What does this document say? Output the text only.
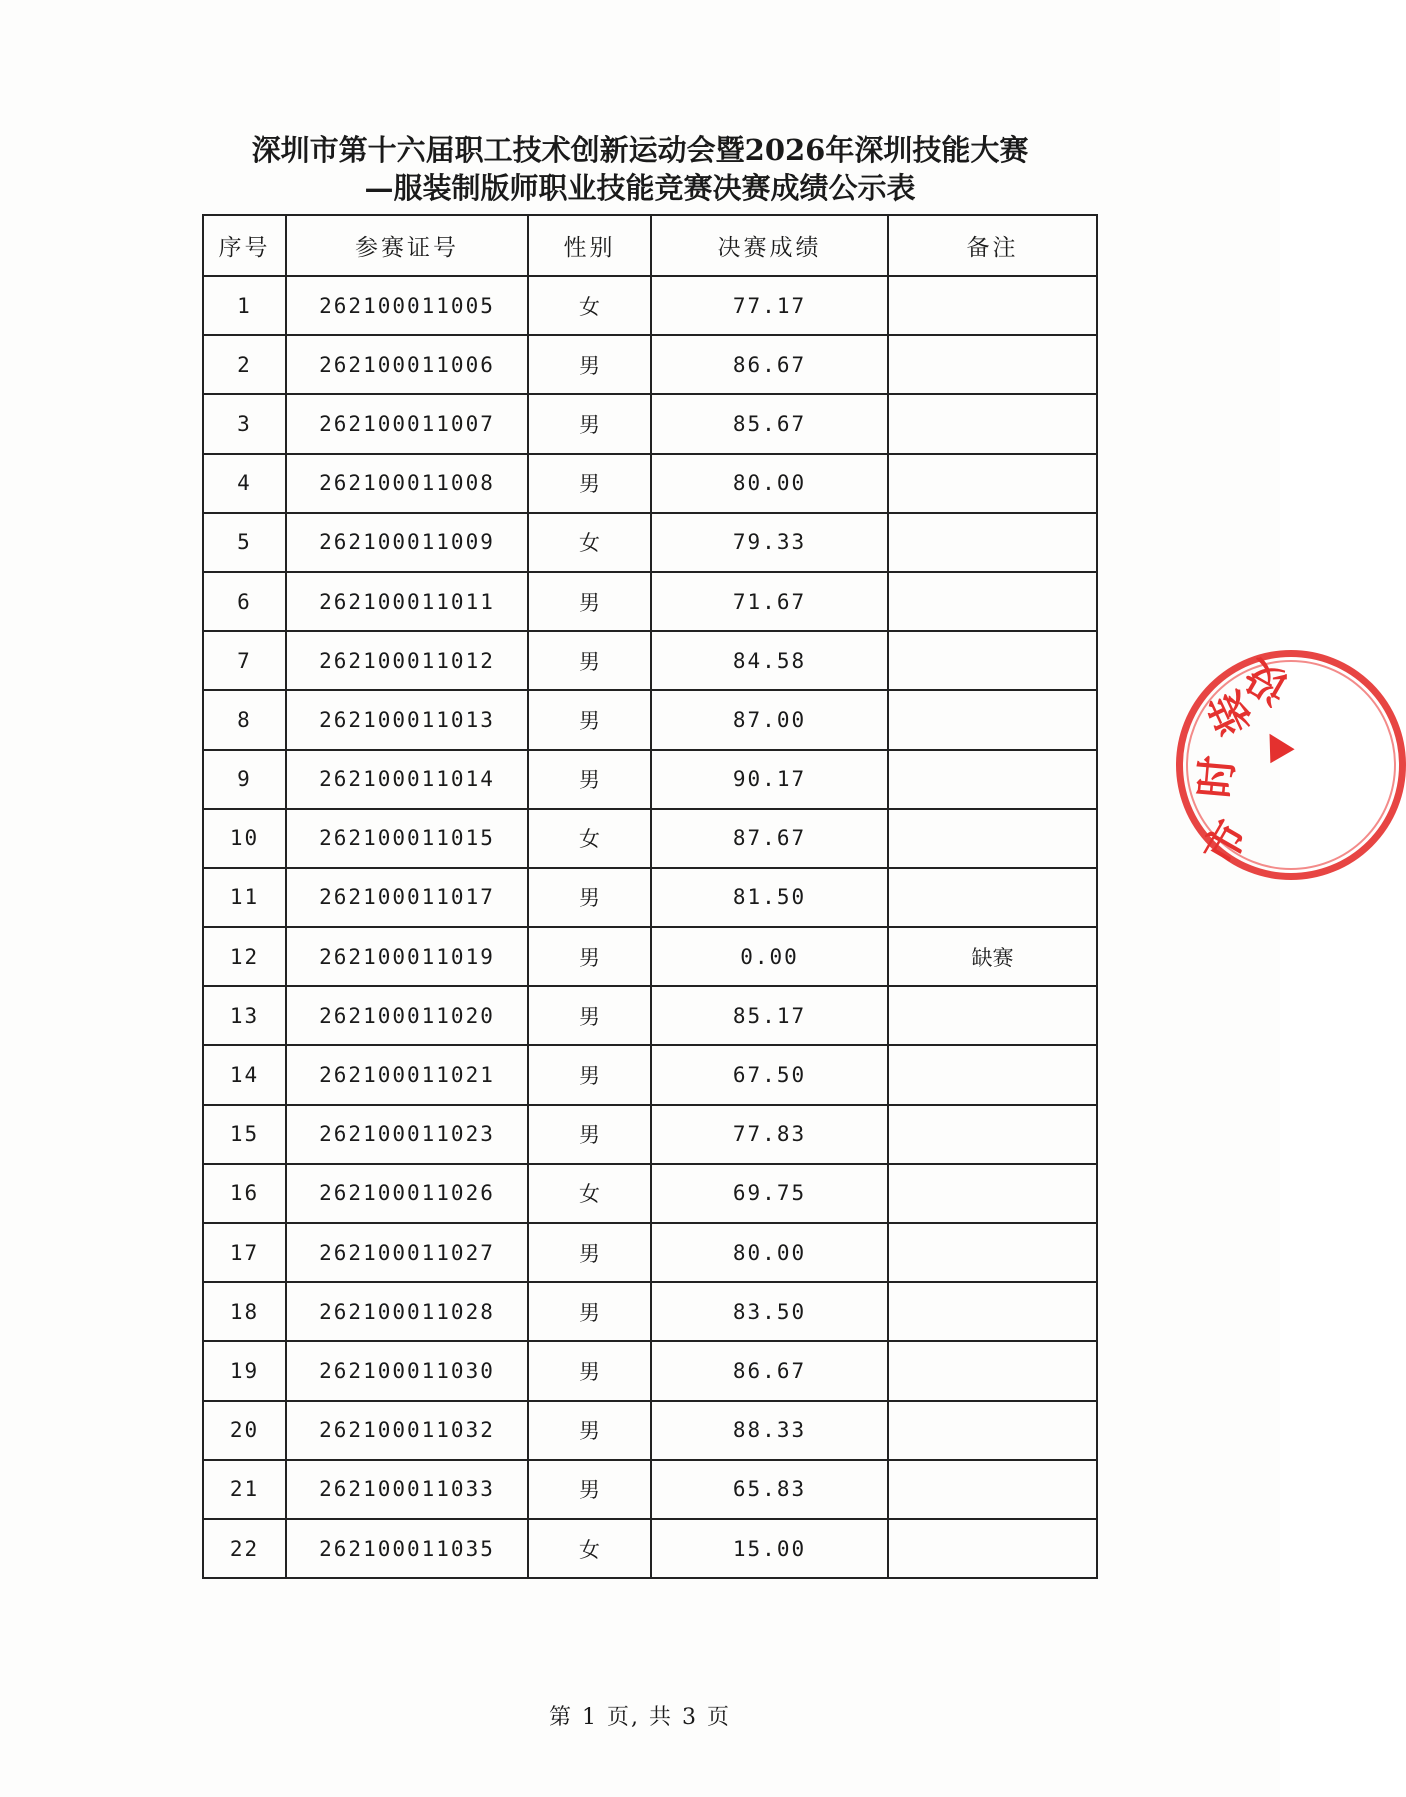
深圳市第十六届职工技术创新运动会暨2026年深圳技能大赛
—服装制版师职业技能竞赛决赛成绩公示表
序号	参赛证号	性别	决赛成绩	备注
1	262100011005	女	77.17	
2	262100011006	男	86.67	
3	262100011007	男	85.67	
4	262100011008	男	80.00	
5	262100011009	女	79.33	
6	262100011011	男	71.67	
7	262100011012	男	84.58	
8	262100011013	男	87.00	
9	262100011014	男	90.17	
10	262100011015	女	87.67	
11	262100011017	男	81.50	
12	262100011019	男	0.00	缺赛
13	262100011020	男	85.17	
14	262100011021	男	67.50	
15	262100011023	男	77.83	
16	262100011026	女	69.75	
17	262100011027	男	80.00	
18	262100011028	男	83.50	
19	262100011030	男	86.67	
20	262100011032	男	88.33	
21	262100011033	男	65.83	
22	262100011035	女	15.00	
第 1 页, 共 3 页
市
时
装
设
